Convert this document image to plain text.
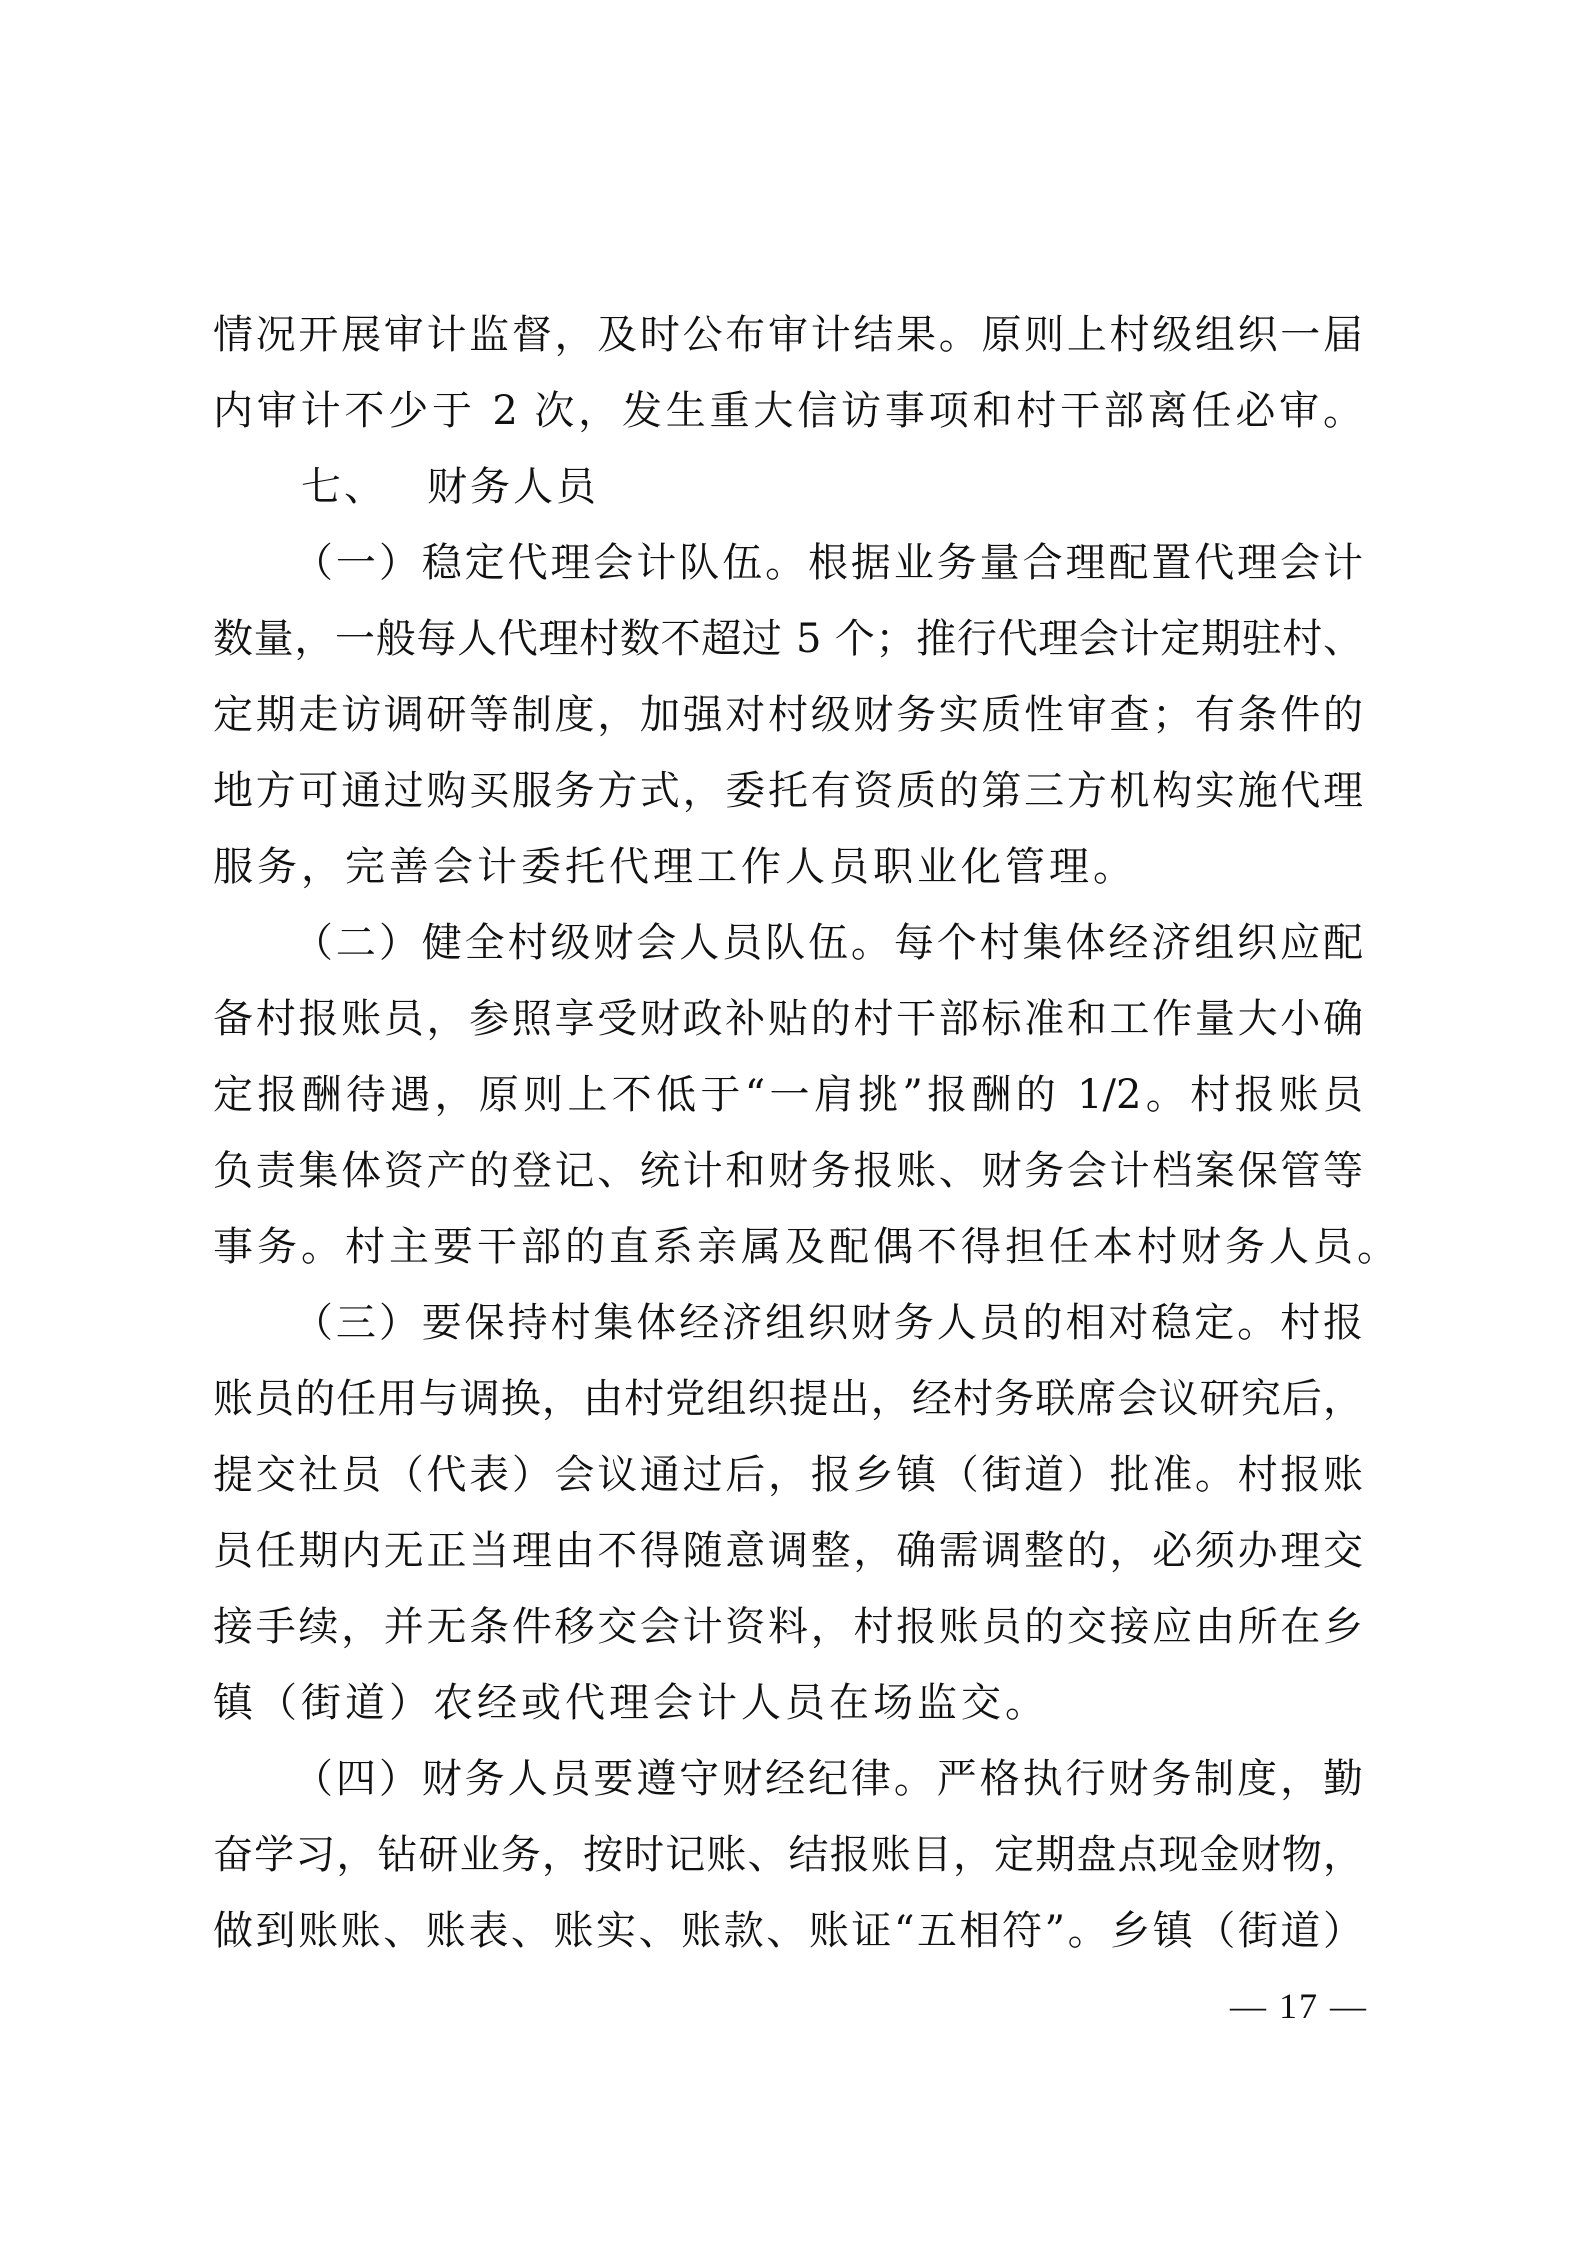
情况开展审计监督，及时公布审计结果。原则上村级组织一届
内审计不少于 2 次，发生重大信访事项和村干部离任必审。
七、 财务人员
（一）稳定代理会计队伍。根据业务量合理配置代理会计
数量，一般每人代理村数不超过 5 个；推行代理会计定期驻村、
定期走访调研等制度，加强对村级财务实质性审查；有条件的
地方可通过购买服务方式，委托有资质的第三方机构实施代理
服务，完善会计委托代理工作人员职业化管理。
（二）健全村级财会人员队伍。每个村集体经济组织应配
备村报账员，参照享受财政补贴的村干部标准和工作量大小确
定报酬待遇，原则上不低于“一肩挑”报酬的 1/2。村报账员
负责集体资产的登记、统计和财务报账、财务会计档案保管等
事务。村主要干部的直系亲属及配偶不得担任本村财务人员。
（三）要保持村集体经济组织财务人员的相对稳定。村报
账员的任用与调换，由村党组织提出，经村务联席会议研究后，
提交社员（代表）会议通过后，报乡镇（街道）批准。村报账
员任期内无正当理由不得随意调整，确需调整的，必须办理交
接手续，并无条件移交会计资料，村报账员的交接应由所在乡
镇（街道）农经或代理会计人员在场监交。
（四）财务人员要遵守财经纪律。严格执行财务制度，勤
奋学习，钻研业务，按时记账、结报账目，定期盘点现金财物，
做到账账、账表、账实、账款、账证“五相符”。乡镇（街道）
— 17 —
